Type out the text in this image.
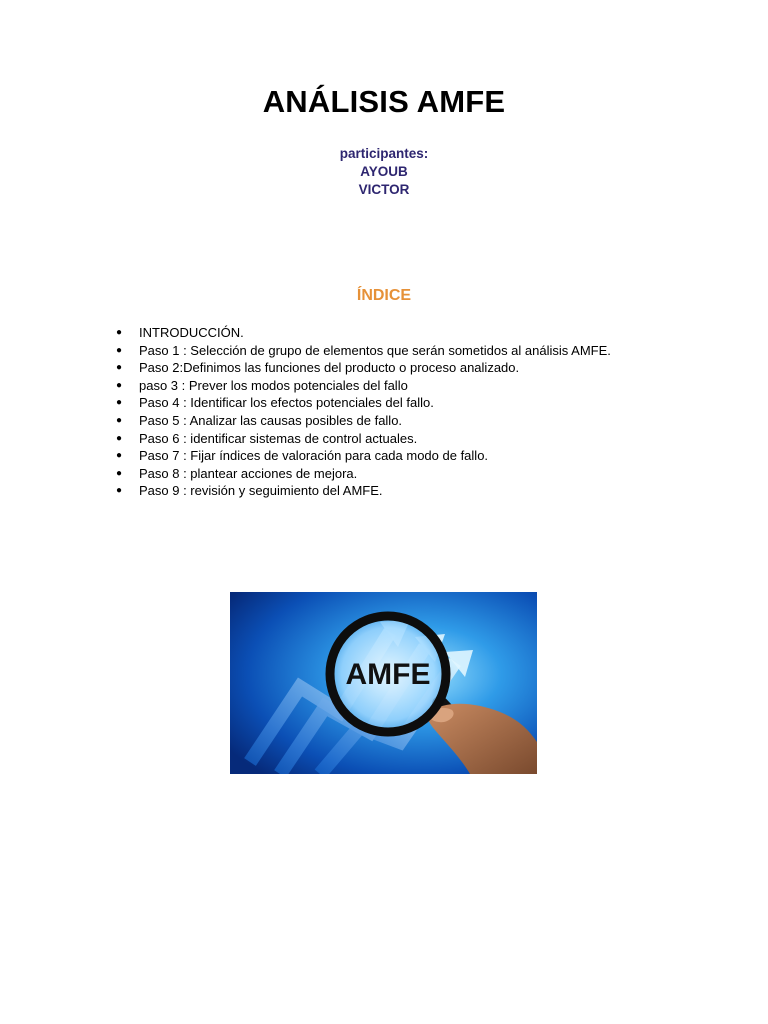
ANÁLISIS AMFE
participantes:
AYOUB
VICTOR
ÍNDICE
● INTRODUCCIÓN.
● Paso 1 : Selección de grupo de elementos que serán sometidos al análisis AMFE.
● Paso 2:Definimos las funciones del producto o proceso analizado.
● paso 3 : Prever los modos potenciales del fallo
● Paso 4 : Identificar los efectos potenciales del fallo.
● Paso 5 : Analizar las causas posibles de fallo.
● Paso 6 : identificar sistemas de control actuales.
● Paso 7 : Fijar índices de valoración para cada modo de fallo.
● Paso 8 : plantear acciones de mejora.
● Paso 9 : revisión y seguimiento del AMFE.
AMFE
